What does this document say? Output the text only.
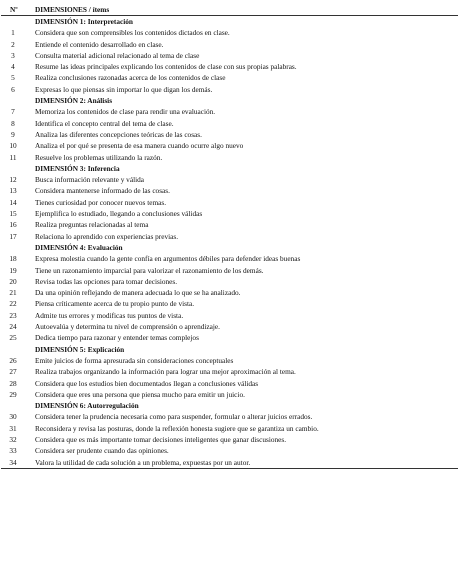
Nº	DIMENSIONES / ítems
	DIMENSIÓN 1: Interpretación
1	Considera que son comprensibles los contenidos dictados en clase.
2	Entiende el contenido desarrollado en clase.
3	Consulta material adicional relacionado al tema de clase
4	Resume las ideas principales explicando los contenidos de clase con sus propias palabras.
5	Realiza conclusiones razonadas acerca de los contenidos de clase
6	Expresas lo que piensas sin importar lo que digan los demás.
	DIMENSIÓN 2: Análisis
7	Memoriza los contenidos de clase para rendir una evaluación.
8	Identifica el concepto central del tema de clase.
9	Analiza las diferentes concepciones teóricas de las cosas.
10	Analiza el por qué se presenta de esa manera cuando ocurre algo nuevo
11	Resuelve los problemas utilizando la razón.
	DIMENSIÓN 3: Inferencia
12	Busca información relevante y válida
13	Considera mantenerse informado de las cosas.
14	Tienes curiosidad por conocer nuevos temas.
15	Ejemplifica lo estudiado, llegando a conclusiones válidas
16	Realiza preguntas relacionadas al tema
17	Relaciona lo aprendido con experiencias previas.
	DIMENSIÓN 4: Evaluación
18	Expresa molestia cuando la gente confía en argumentos débiles para defender ideas buenas
19	Tiene un razonamiento imparcial para valorizar el razonamiento de los demás.
20	Revisa todas las opciones para tomar decisiones.
21	Da una opinión reflejando de manera adecuada lo que se ha analizado.
22	Piensa críticamente acerca de tu propio punto de vista.
23	Admite tus errores y modificas tus puntos de vista.
24	Autoevalúa y determina tu nivel de comprensión o aprendizaje.
25	Dedica tiempo para razonar y entender temas complejos
	DIMENSIÓN 5: Explicación
26	Emite juicios de forma apresurada sin consideraciones conceptuales
27	Realiza trabajos organizando la información para lograr una mejor aproximación al tema.
28	Considera que los estudios bien documentados llegan a conclusiones válidas
29	Considera que eres una persona que piensa mucho para emitir un juicio.
	DIMENSIÓN 6: Autorregulación
30	Considera tener la prudencia necesaria como para suspender, formular o alterar juicios errados.
31	Reconsidera y revisa las posturas, donde la reflexión honesta sugiere que se garantiza un cambio.
32	Considera que es más importante tomar decisiones inteligentes que ganar discusiones.
33	Considera ser prudente cuando das opiniones.
34	Valora la utilidad de cada solución a un problema, expuestas por un autor.
